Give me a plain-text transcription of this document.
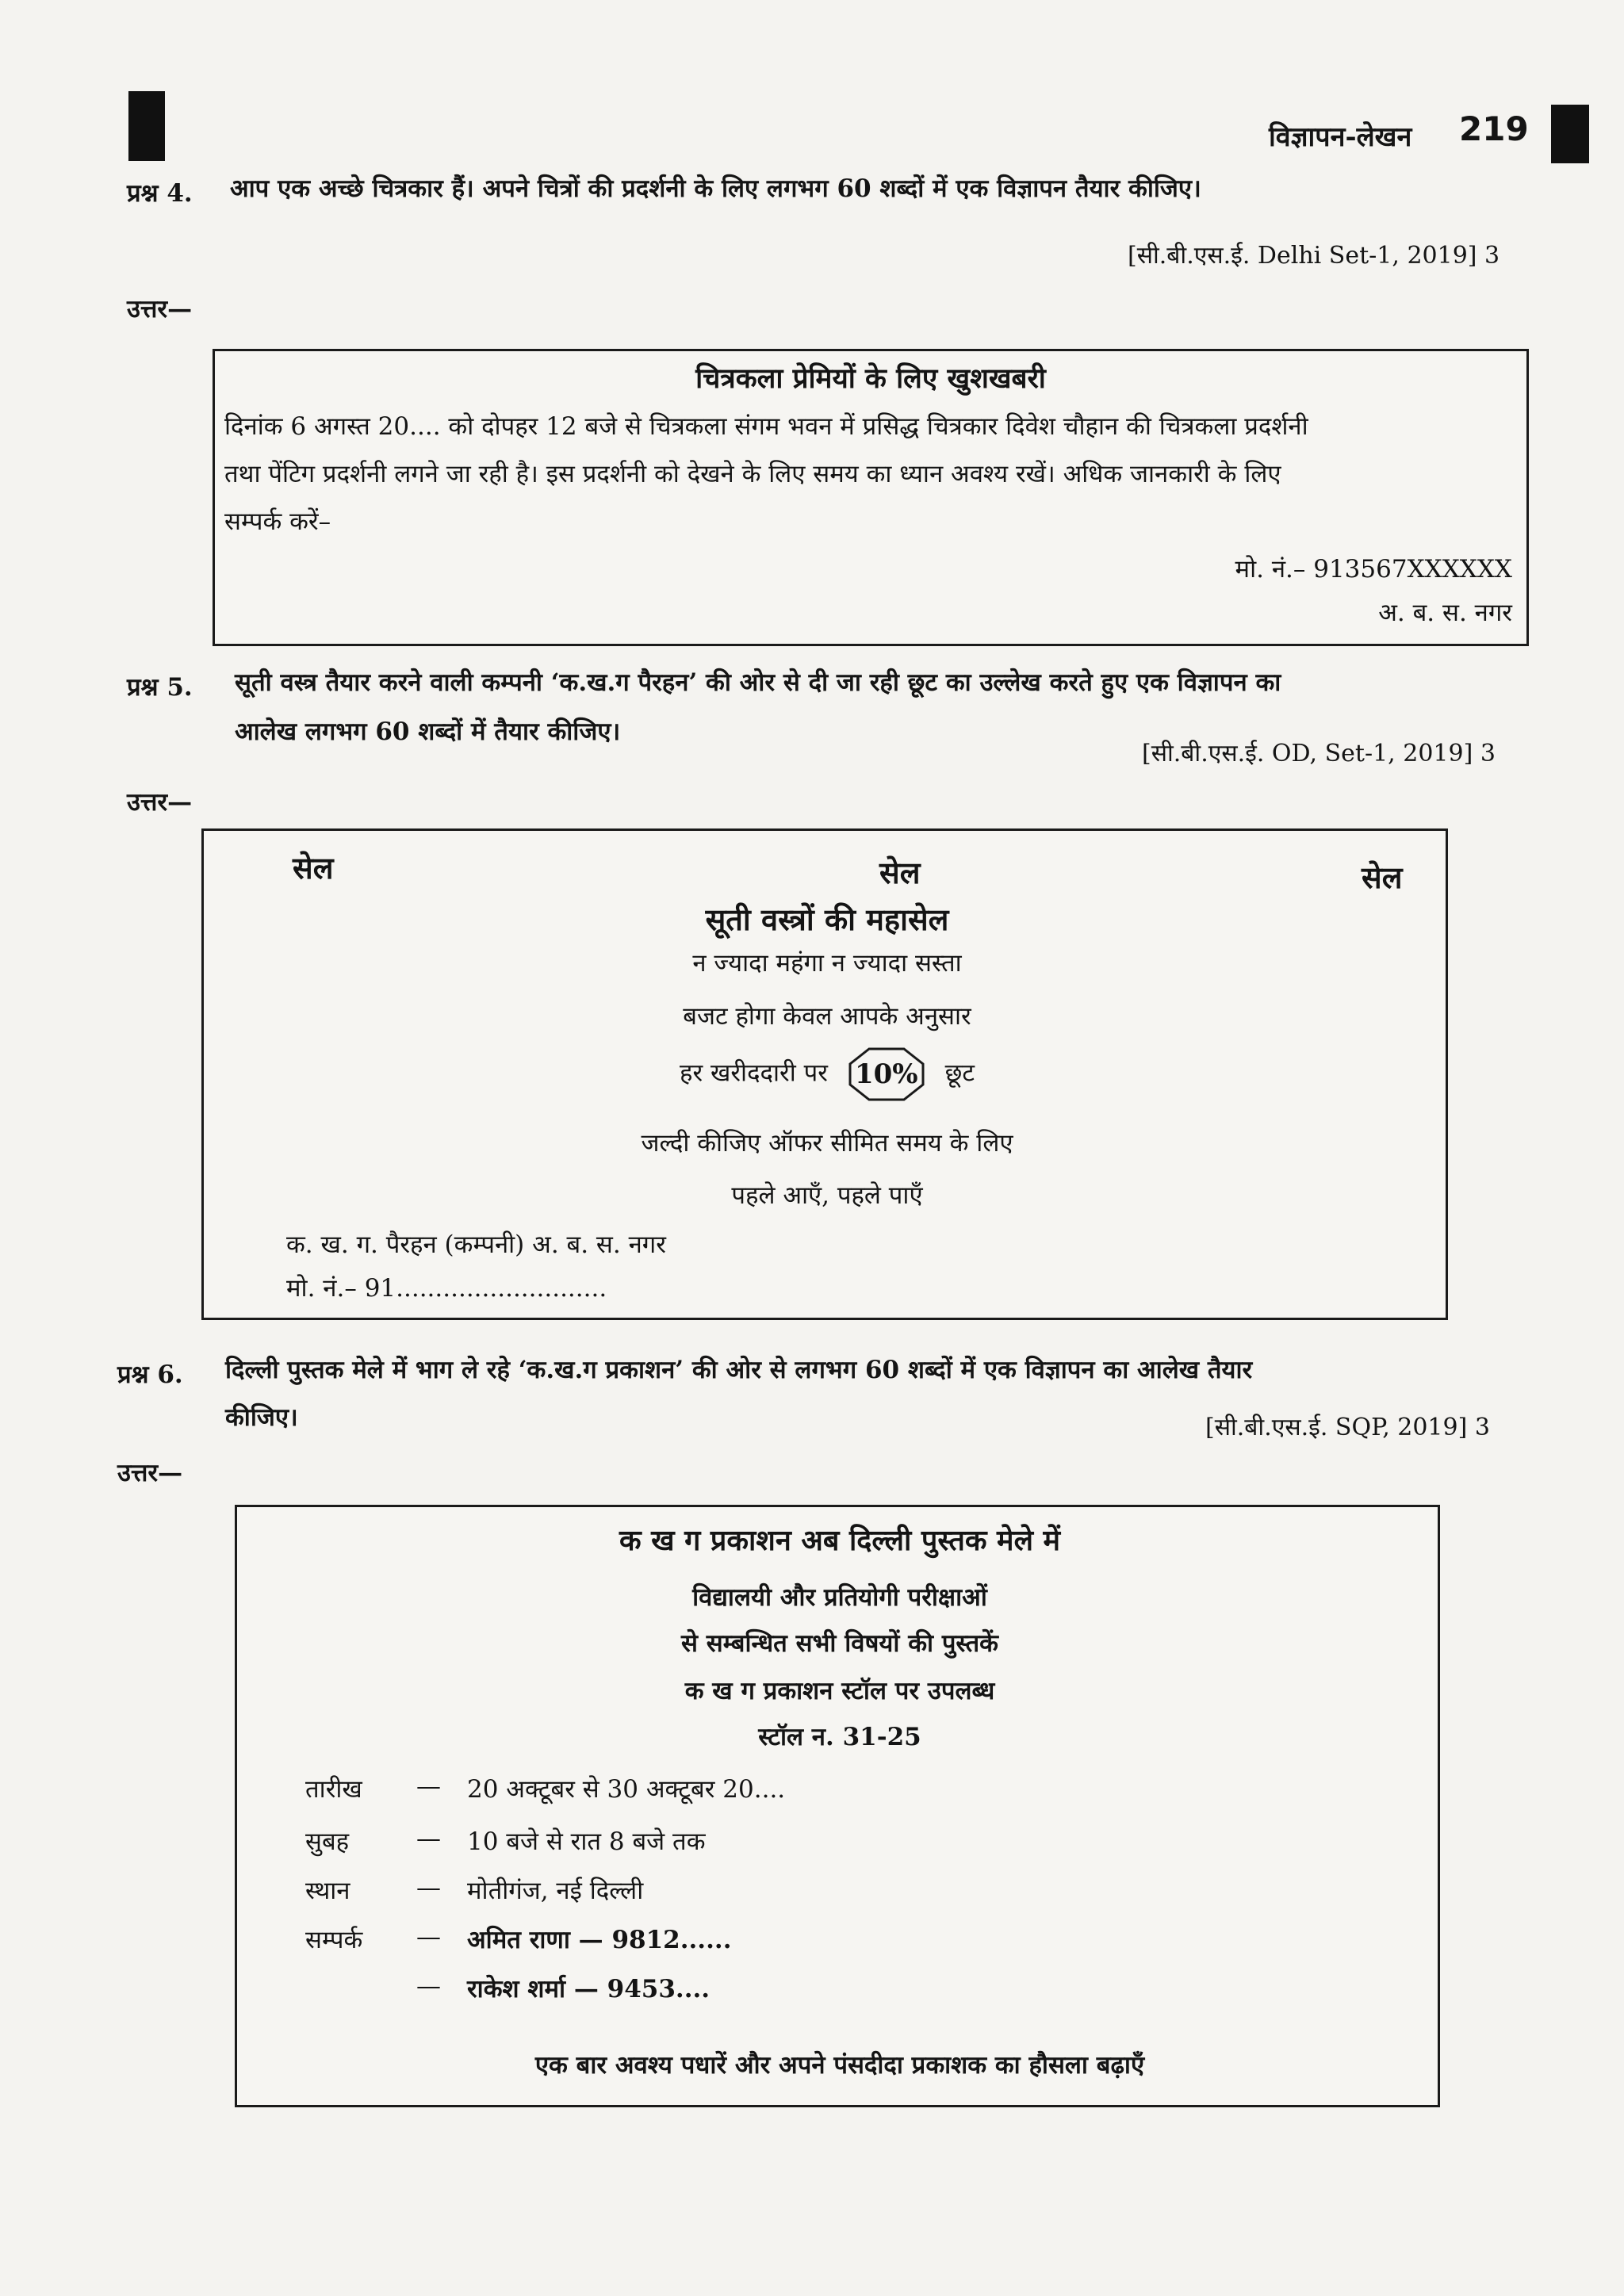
विज्ञापन-लेखन 219
प्रश्न 4. आप एक अच्छे चित्रकार हैं। अपने चित्रों की प्रदर्शनी के लिए लगभग 60 शब्दों में एक विज्ञापन तैयार कीजिए।
[सी.बी.एस.ई. Delhi Set-1, 2019] 3
उत्तर—
चित्रकला प्रेमियों के लिए खुशखबरी
दिनांक 6 अगस्त 20.... को दोपहर 12 बजे से चित्रकला संगम भवन में प्रसिद्ध चित्रकार दिवेश चौहान की चित्रकला प्रदर्शनी
तथा पेंटिग प्रदर्शनी लगने जा रही है। इस प्रदर्शनी को देखने के लिए समय का ध्यान अवश्य रखें। अधिक जानकारी के लिए
सम्पर्क करें–
मो. नं.– 913567XXXXXX
अ. ब. स. नगर
प्रश्न 5. सूती वस्त्र तैयार करने वाली कम्पनी ‘क.ख.ग पैरहन’ की ओर से दी जा रही छूट का उल्लेख करते हुए एक विज्ञापन का
आलेख लगभग 60 शब्दों में तैयार कीजिए।
[सी.बी.एस.ई. OD, Set-1, 2019] 3
उत्तर—
सेल	सेल	सेल
सूती वस्त्रों की महासेल
न ज्यादा महंगा न ज्यादा सस्ता
बजट होगा केवल आपके अनुसार
हर खरीददारी पर 10%	छूट
जल्दी कीजिए ऑफर सीमित समय के लिए
पहले आएँ, पहले पाएँ
क. ख. ग. पैरहन (कम्पनी) अ. ब. स. नगर
मो. नं.– 91...........................
प्रश्न 6. दिल्ली पुस्तक मेले में भाग ले रहे ‘क.ख.ग प्रकाशन’ की ओर से लगभग 60 शब्दों में एक विज्ञापन का आलेख तैयार
कीजिए।	[सी.बी.एस.ई. SQP, 2019] 3
उत्तर—
क ख ग प्रकाशन अब दिल्ली पुस्तक मेले में
विद्यालयी और प्रतियोगी परीक्षाओं
से सम्बन्धित सभी विषयों की पुस्तकें
क ख ग प्रकाशन स्टॉल पर उपलब्ध
स्टॉल न. 31-25
तारीख	—	20 अक्टूबर से 30 अक्टूबर 20....
सुबह	—	10 बजे से रात 8 बजे तक
स्थान	—	मोतीगंज, नई दिल्ली
सम्पर्क	—	अमित राणा — 9812......
	—	राकेश शर्मा — 9453....
एक बार अवश्य पधारें और अपने पंसदीदा प्रकाशक का हौसला बढ़ाएँ
